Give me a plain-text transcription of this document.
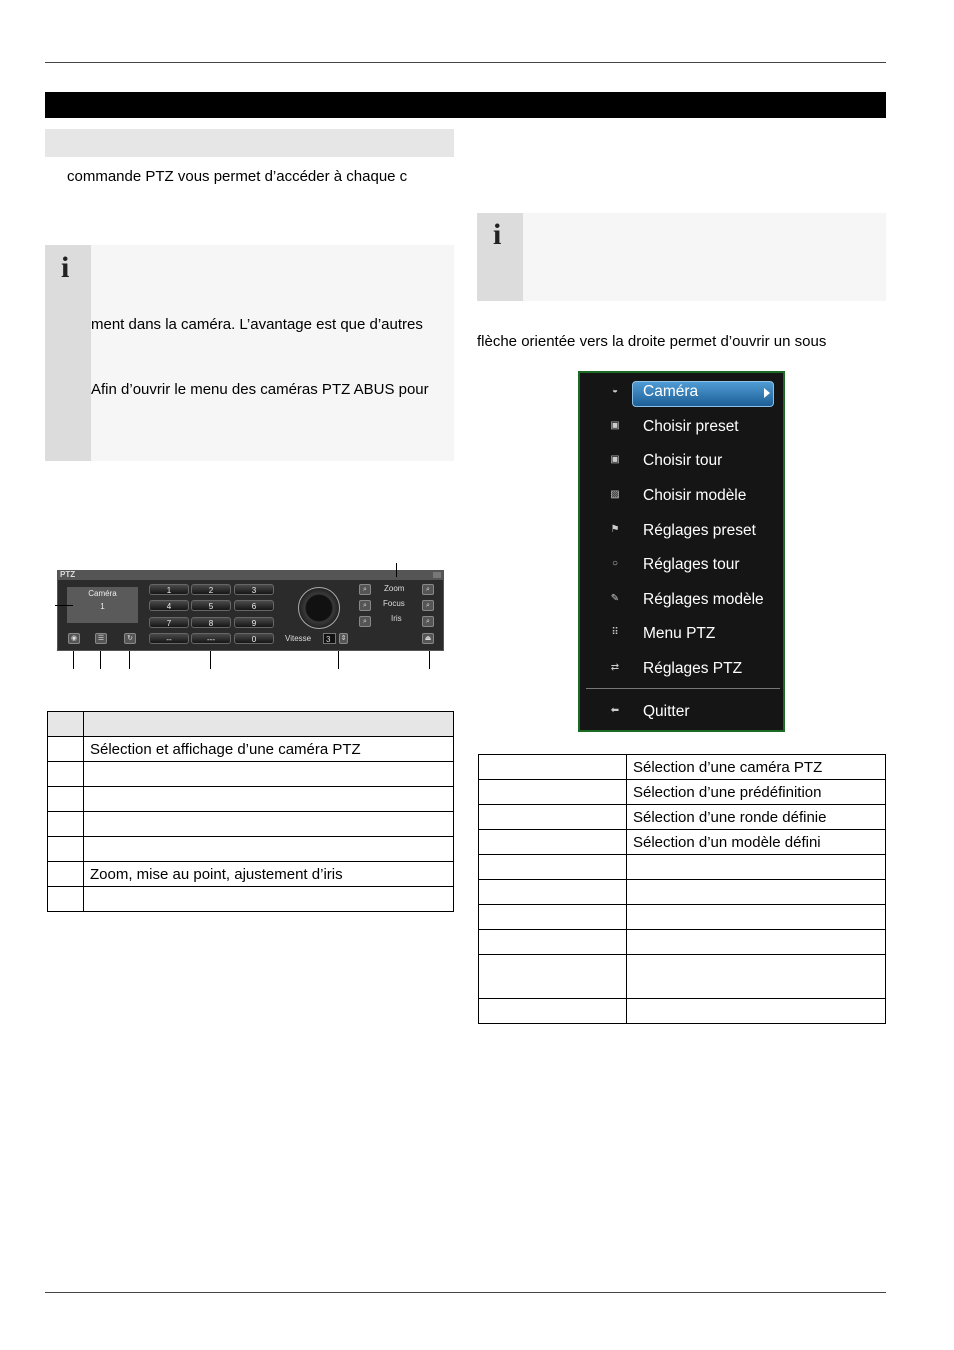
commande PTZ vous permet d’accéder à chaque c
i
ment dans la caméra. L’avantage est que d’autres
Afin d’ouvrir le menu des caméras PTZ ABUS pour
PTZ
Caméra
1
1	2	3
4	5	6
7	8	9
--	---	0
◉	☰	↻	Vitesse	3	⇕
⌕
⌕
⌕
Zoom
Focus
Iris
⌕
⌕
⌕
⏏

	Sélection et affichage d’une caméra PTZ

	Zoom, mise au point, ajustement d’iris

i
flèche orientée vers la droite permet d’ouvrir un sous
◒ Caméra
▣ Choisir preset
▣ Choisir tour
▨ Choisir modèle
⚑ Réglages preset
○ Réglages tour
✎ Réglages modèle
⠿ Menu PTZ
⇄ Réglages PTZ
⬅ Quitter
	Sélection d’une caméra PTZ
	Sélection d’une prédéfinition
	Sélection d’une ronde définie
	Sélection d’un modèle défini
